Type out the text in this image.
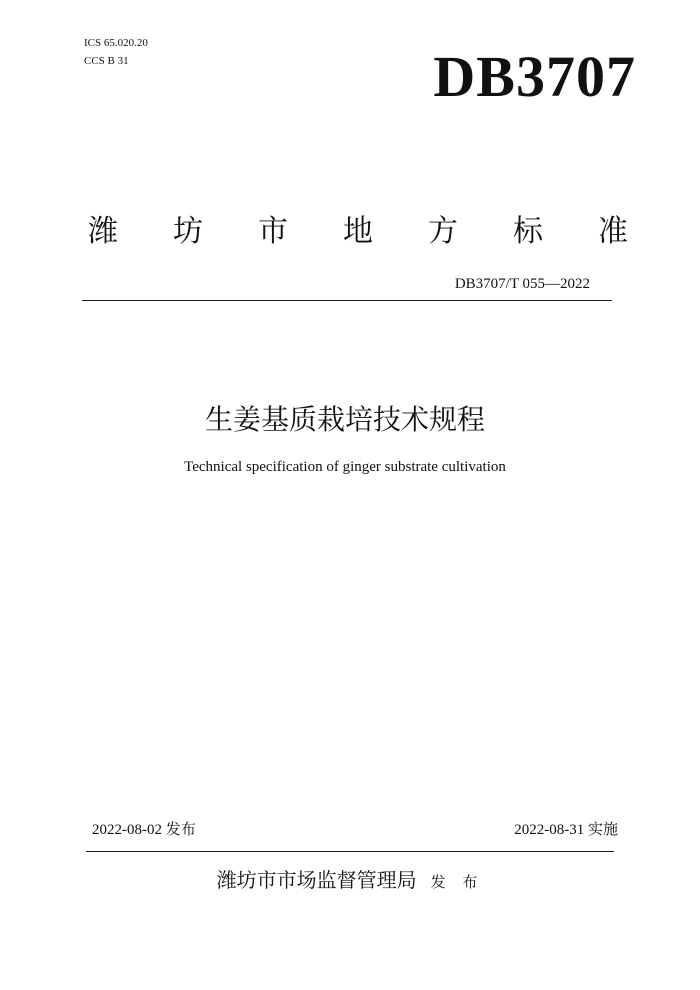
ICS 65.020.20
CCS B 31	DB3707
潍 坊 市 地 方 标 准
DB3707/T 055—2022
生姜基质栽培技术规程
Technical specification of ginger substrate cultivation
2022-08-02 发布	2022-08-31 实施
潍坊市市场监督管理局 发 布
